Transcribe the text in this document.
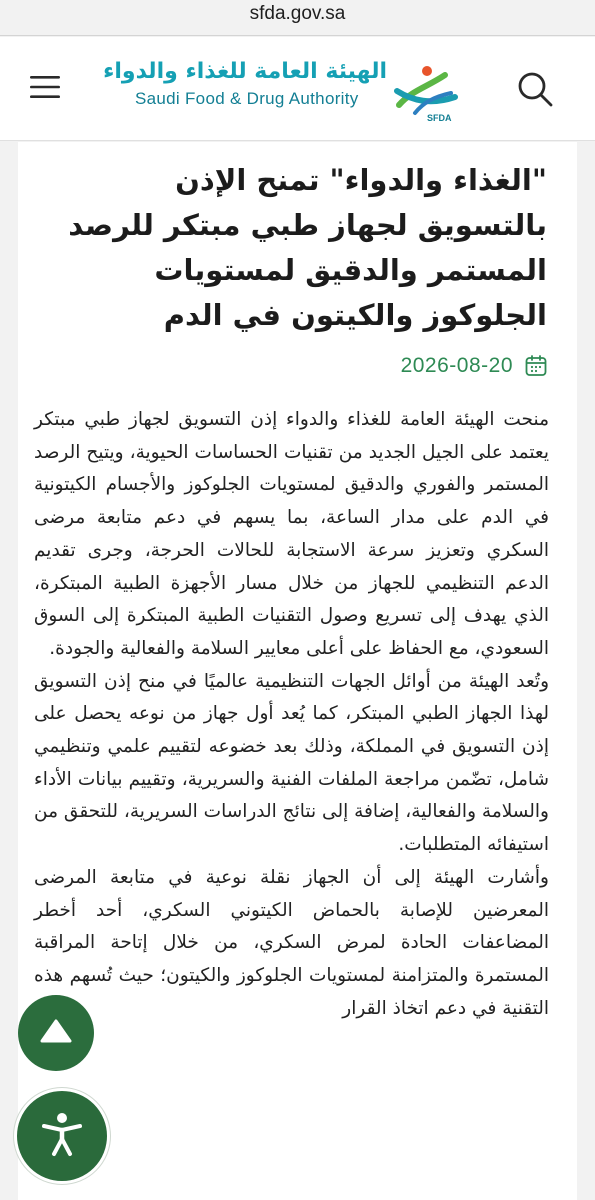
sfda.gov.sa
الهيئة العامة للغذاء والدواء
Saudi Food & Drug Authority
SFDA
"الغذاء والدواء" تمنح الإذن بالتسويق لجهاز طبي مبتكر للرصد المستمر والدقيق لمستويات الجلوكوز والكيتون في الدم
2026-08-20

منحت الهيئة العامة للغذاء والدواء إذن التسويق لجهاز طبي مبتكر يعتمد على الجيل الجديد من تقنيات الحساسات الحيوية، ويتيح الرصد المستمر والفوري والدقيق لمستويات الجلوكوز والأجسام الكيتونية في الدم على مدار الساعة، بما يسهم في دعم متابعة مرضى السكري وتعزيز سرعة الاستجابة للحالات الحرجة، وجرى تقديم الدعم التنظيمي للجهاز من خلال مسار الأجهزة الطبية المبتكرة، الذي يهدف إلى تسريع وصول التقنيات الطبية المبتكرة إلى السوق السعودي، مع الحفاظ على أعلى معايير السلامة والفعالية والجودة.

وتُعد الهيئة من أوائل الجهات التنظيمية عالميًا في منح إذن التسويق لهذا الجهاز الطبي المبتكر، كما يُعد أول جهاز من نوعه يحصل على إذن التسويق في المملكة، وذلك بعد خضوعه لتقييم علمي وتنظيمي شامل، تضّمن مراجعة الملفات الفنية والسريرية، وتقييم بيانات الأداء والسلامة والفعالية، إضافة إلى نتائج الدراسات السريرية، للتحقق من استيفائه المتطلبات.

وأشارت الهيئة إلى أن الجهاز نقلة نوعية في متابعة المرضى المعرضين للإصابة بالحماض الكيتوني السكري، أحد أخطر المضاعفات الحادة لمرض السكري، من خلال إتاحة المراقبة المستمرة والمتزامنة لمستويات الجلوكوز والكيتون؛ حيث تُسهم هذه التقنية في دعم اتخاذ القرار
